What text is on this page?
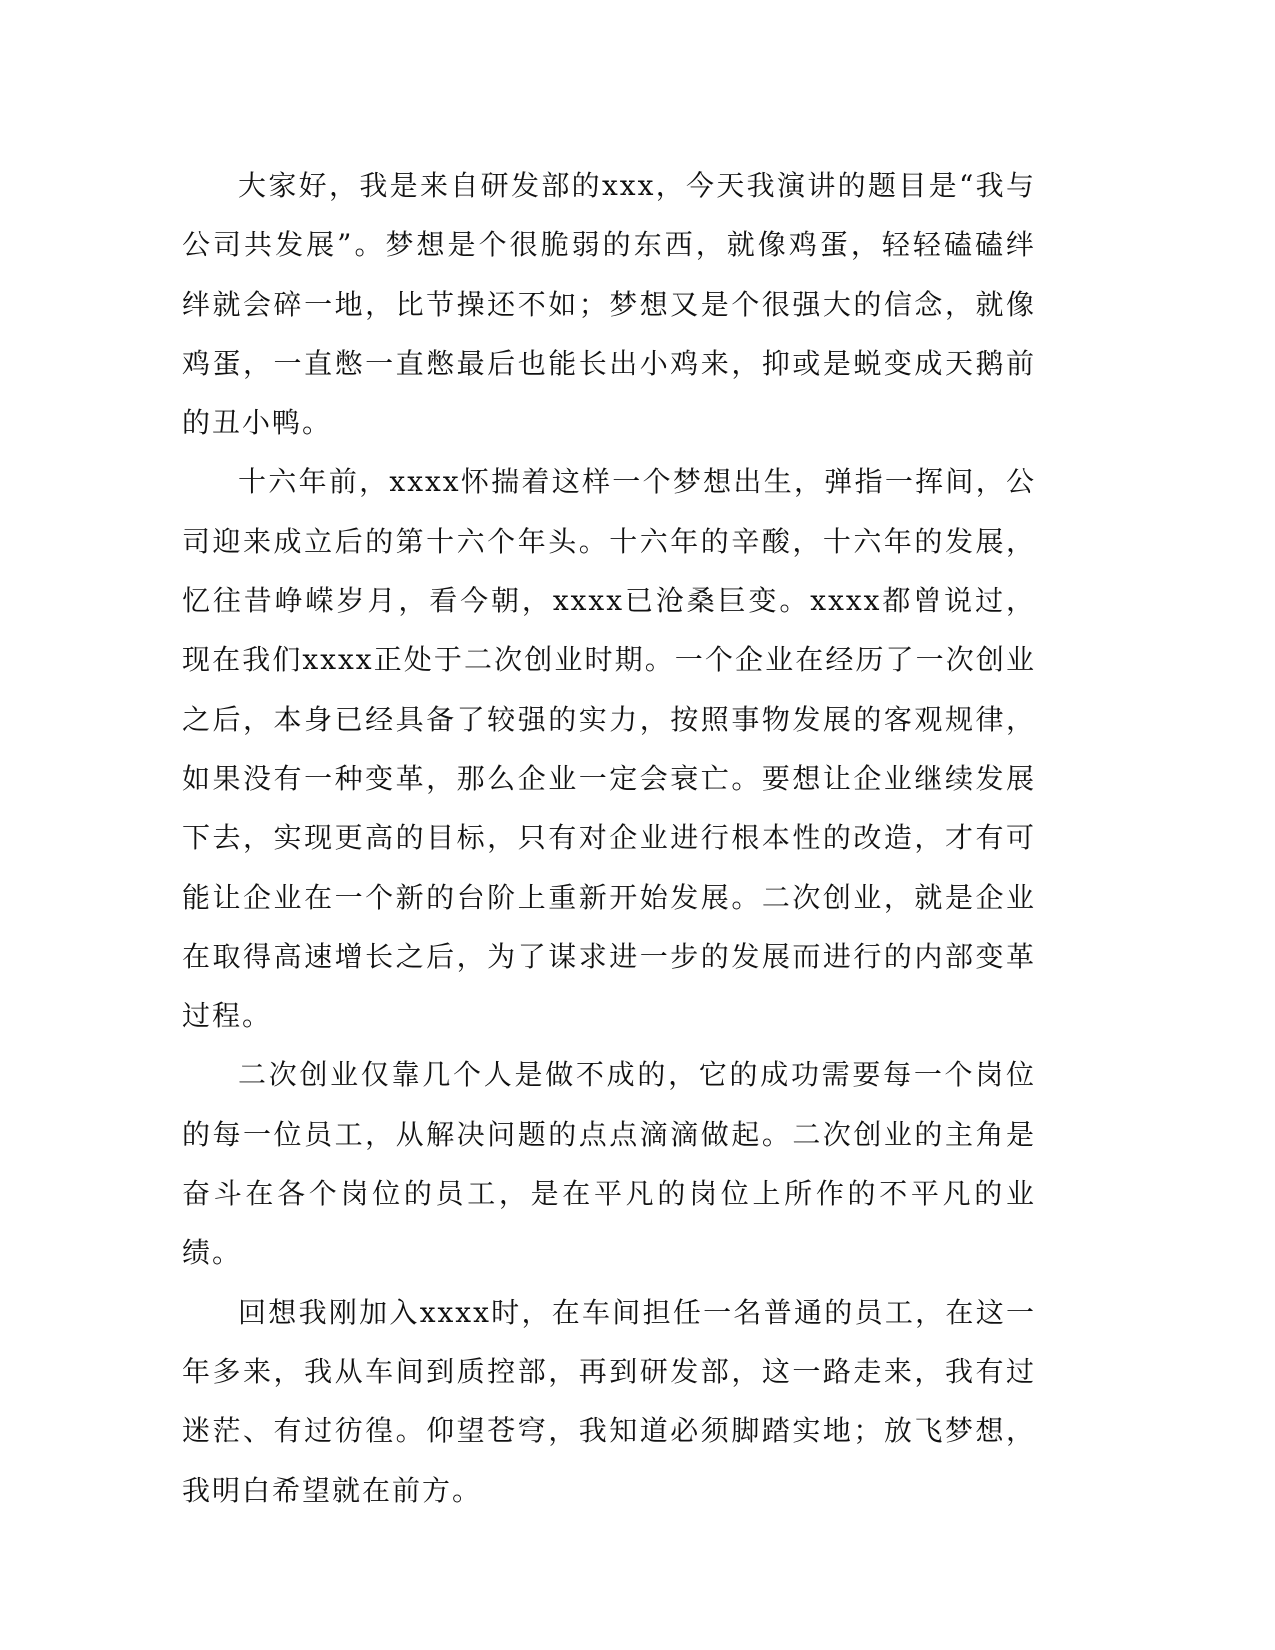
大家好，我是来自研发部的xxx，今天我演讲的题目是“我与公司共发展”。梦想是个很脆弱的东西，就像鸡蛋，轻轻磕磕绊绊就会碎一地，比节操还不如；梦想又是个很强大的信念，就像鸡蛋，一直憋一直憋最后也能长出小鸡来，抑或是蜕变成天鹅前的丑小鸭。

十六年前，xxxx怀揣着这样一个梦想出生，弹指一挥间，公司迎来成立后的第十六个年头。十六年的辛酸，十六年的发展，忆往昔峥嵘岁月，看今朝，xxxx已沧桑巨变。xxxx都曾说过，现在我们xxxx正处于二次创业时期。一个企业在经历了一次创业之后，本身已经具备了较强的实力，按照事物发展的客观规律，如果没有一种变革，那么企业一定会衰亡。要想让企业继续发展下去，实现更高的目标，只有对企业进行根本性的改造，才有可能让企业在一个新的台阶上重新开始发展。二次创业，就是企业在取得高速增长之后，为了谋求进一步的发展而进行的内部变革过程。

二次创业仅靠几个人是做不成的，它的成功需要每一个岗位的每一位员工，从解决问题的点点滴滴做起。二次创业的主角是奋斗在各个岗位的员工，是在平凡的岗位上所作的不平凡的业绩。

回想我刚加入xxxx时，在车间担任一名普通的员工，在这一年多来，我从车间到质控部，再到研发部，这一路走来，我有过迷茫、有过彷徨。仰望苍穹，我知道必须脚踏实地；放飞梦想，我明白希望就在前方。
